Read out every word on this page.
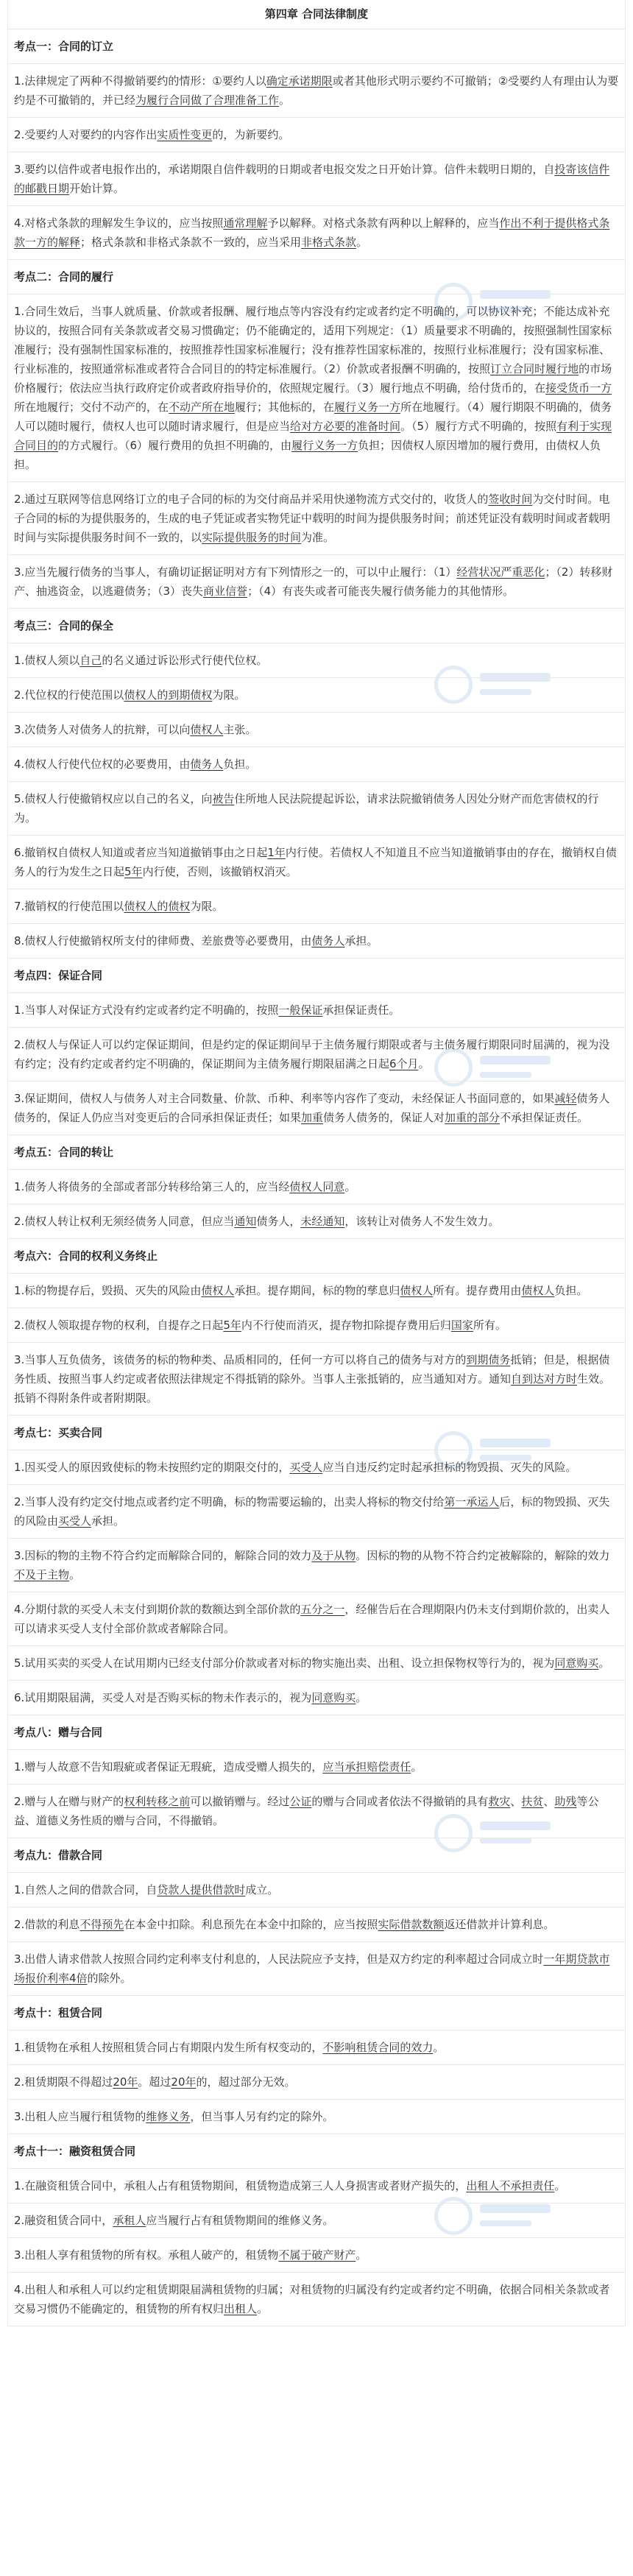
第四章 合同法律制度
考点一：合同的订立
1.法律规定了两种不得撤销要约的情形：①要约人以确定承诺期限或者其他形式明示要约不可撤销；②受要约人有理由认为要约是不可撤销的，并已经为履行合同做了合理准备工作。
2.受要约人对要约的内容作出实质性变更的，为新要约。
3.要约以信件或者电报作出的，承诺期限自信件载明的日期或者电报交发之日开始计算。信件未载明日期的，自投寄该信件的邮戳日期开始计算。
4.对格式条款的理解发生争议的，应当按照通常理解予以解释。对格式条款有两种以上解释的，应当作出不利于提供格式条款一方的解释；格式条款和非格式条款不一致的，应当采用非格式条款。
考点二：合同的履行
1.合同生效后，当事人就质量、价款或者报酬、履行地点等内容没有约定或者约定不明确的，可以协议补充；不能达成补充协议的，按照合同有关条款或者交易习惯确定；仍不能确定的，适用下列规定：（1）质量要求不明确的，按照强制性国家标准履行；没有强制性国家标准的，按照推荐性国家标准履行；没有推荐性国家标准的，按照行业标准履行；没有国家标准、行业标准的，按照通常标准或者符合合同目的的特定标准履行。（2）价款或者报酬不明确的，按照订立合同时履行地的市场价格履行；依法应当执行政府定价或者政府指导价的，依照规定履行。（3）履行地点不明确，给付货币的，在接受货币一方所在地履行；交付不动产的，在不动产所在地履行；其他标的，在履行义务一方所在地履行。（4）履行期限不明确的，债务人可以随时履行，债权人也可以随时请求履行，但是应当给对方必要的准备时间。（5）履行方式不明确的，按照有利于实现合同目的的方式履行。（6）履行费用的负担不明确的，由履行义务一方负担；因债权人原因增加的履行费用，由债权人负担。
2.通过互联网等信息网络订立的电子合同的标的为交付商品并采用快递物流方式交付的，收货人的签收时间为交付时间。电子合同的标的为提供服务的，生成的电子凭证或者实物凭证中载明的时间为提供服务时间；前述凭证没有载明时间或者载明时间与实际提供服务时间不一致的，以实际提供服务的时间为准。
3.应当先履行债务的当事人，有确切证据证明对方有下列情形之一的，可以中止履行：（1）经营状况严重恶化；（2）转移财产、抽逃资金，以逃避债务；（3）丧失商业信誉；（4）有丧失或者可能丧失履行债务能力的其他情形。
考点三：合同的保全
1.债权人须以自己的名义通过诉讼形式行使代位权。
2.代位权的行使范围以债权人的到期债权为限。
3.次债务人对债务人的抗辩，可以向债权人主张。
4.债权人行使代位权的必要费用，由债务人负担。
5.债权人行使撤销权应以自己的名义，向被告住所地人民法院提起诉讼，请求法院撤销债务人因处分财产而危害债权的行为。
6.撤销权自债权人知道或者应当知道撤销事由之日起1年内行使。若债权人不知道且不应当知道撤销事由的存在，撤销权自债务人的行为发生之日起5年内行使，否则，该撤销权消灭。
7.撤销权的行使范围以债权人的债权为限。
8.债权人行使撤销权所支付的律师费、差旅费等必要费用，由债务人承担。
考点四：保证合同
1.当事人对保证方式没有约定或者约定不明确的，按照一般保证承担保证责任。
2.债权人与保证人可以约定保证期间，但是约定的保证期间早于主债务履行期限或者与主债务履行期限同时届满的，视为没有约定；没有约定或者约定不明确的，保证期间为主债务履行期限届满之日起6个月。
3.保证期间，债权人与债务人对主合同数量、价款、币种、利率等内容作了变动，未经保证人书面同意的，如果减轻债务人债务的，保证人仍应当对变更后的合同承担保证责任；如果加重债务人债务的，保证人对加重的部分不承担保证责任。
考点五：合同的转让
1.债务人将债务的全部或者部分转移给第三人的，应当经债权人同意。
2.债权人转让权利无须经债务人同意，但应当通知债务人，未经通知，该转让对债务人不发生效力。
考点六：合同的权利义务终止
1.标的物提存后，毁损、灭失的风险由债权人承担。提存期间，标的物的孳息归债权人所有。提存费用由债权人负担。
2.债权人领取提存物的权利，自提存之日起5年内不行使而消灭，提存物扣除提存费用后归国家所有。
3.当事人互负债务，该债务的标的物种类、品质相同的，任何一方可以将自己的债务与对方的到期债务抵销；但是，根据债务性质、按照当事人约定或者依照法律规定不得抵销的除外。当事人主张抵销的，应当通知对方。通知自到达对方时生效。抵销不得附条件或者附期限。
考点七：买卖合同
1.因买受人的原因致使标的物未按照约定的期限交付的，买受人应当自违反约定时起承担标的物毁损、灭失的风险。
2.当事人没有约定交付地点或者约定不明确，标的物需要运输的，出卖人将标的物交付给第一承运人后，标的物毁损、灭失的风险由买受人承担。
3.因标的物的主物不符合约定而解除合同的，解除合同的效力及于从物。因标的物的从物不符合约定被解除的，解除的效力不及于主物。
4.分期付款的买受人未支付到期价款的数额达到全部价款的五分之一，经催告后在合理期限内仍未支付到期价款的，出卖人可以请求买受人支付全部价款或者解除合同。
5.试用买卖的买受人在试用期内已经支付部分价款或者对标的物实施出卖、出租、设立担保物权等行为的，视为同意购买。
6.试用期限届满，买受人对是否购买标的物未作表示的，视为同意购买。
考点八：赠与合同
1.赠与人故意不告知瑕疵或者保证无瑕疵，造成受赠人损失的，应当承担赔偿责任。
2.赠与人在赠与财产的权利转移之前可以撤销赠与。经过公证的赠与合同或者依法不得撤销的具有救灾、扶贫、助残等公益、道德义务性质的赠与合同，不得撤销。
考点九：借款合同
1.自然人之间的借款合同，自贷款人提供借款时成立。
2.借款的利息不得预先在本金中扣除。利息预先在本金中扣除的，应当按照实际借款数额返还借款并计算利息。
3.出借人请求借款人按照合同约定利率支付利息的，人民法院应予支持，但是双方约定的利率超过合同成立时一年期贷款市场报价利率4倍的除外。
考点十：租赁合同
1.租赁物在承租人按照租赁合同占有期限内发生所有权变动的，不影响租赁合同的效力。
2.租赁期限不得超过20年。超过20年的，超过部分无效。
3.出租人应当履行租赁物的维修义务，但当事人另有约定的除外。
考点十一：融资租赁合同
1.在融资租赁合同中，承租人占有租赁物期间，租赁物造成第三人人身损害或者财产损失的，出租人不承担责任。
2.融资租赁合同中，承租人应当履行占有租赁物期间的维修义务。
3.出租人享有租赁物的所有权。承租人破产的，租赁物不属于破产财产。
4.出租人和承租人可以约定租赁期限届满租赁物的归属；对租赁物的归属没有约定或者约定不明确，依据合同相关条款或者交易习惯仍不能确定的，租赁物的所有权归出租人。
